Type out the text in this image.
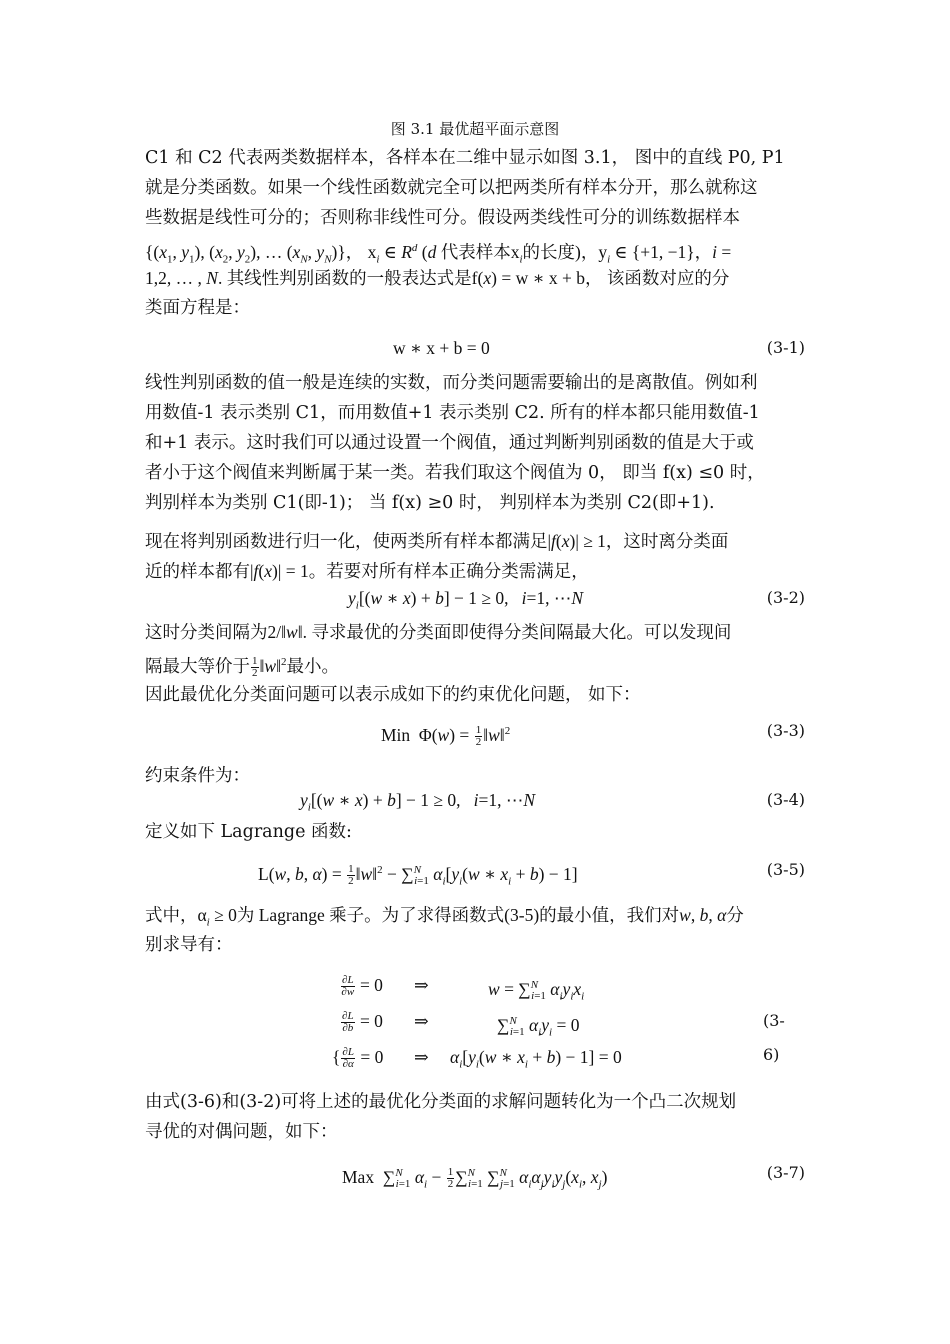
图 3.1 最优超平面示意图
C1 和 C2 代表两类数据样本，各样本在二维中显示如图 3.1， 图中的直线 P0, P1
就是分类函数。如果一个线性函数就完全可以把两类所有样本分开，那么就称这
些数据是线性可分的；否则称非线性可分。假设两类线性可分的训练数据样本
{($x_1$, $y_1$), ($x_2$, $y_2$), … ($x_N$, $y_N$)}， $x_i$ ∈ $R^d$ (d 代表样本$x_i$的长度)，$y_i$ ∈ {+1, −1}，i =
1,2, … , N. 其线性判别函数的一般表达式是f(x) = w ∗ x + b， 该函数对应的分
类面方程是：
w ∗ x + b = 0	(3-1)
线性判别函数的值一般是连续的实数，而分类问题需要输出的是离散值。例如利
用数值-1 表示类别 C1，而用数值+1 表示类别 C2. 所有的样本都只能用数值-1
和+1 表示。这时我们可以通过设置一个阀值，通过判断判别函数的值是大于或
者小于这个阀值来判断属于某一类。若我们取这个阀值为 0， 即当 f(x) ≤0 时，
判别样本为类别 C1(即-1)； 当 f(x) ≥0 时， 判别样本为类别 C2(即+1).
现在将判别函数进行归一化，使两类所有样本都满足|f(x)| ≥ 1，这时离分类面
近的样本都有|f(x)| = 1。若要对所有样本正确分类需满足，
$y_i[(w$ ∗ x) + b] − 1 ≥ 0,   i=1, ⋯N	(3-2)
这时分类间隔为2/‖w‖. 寻求最优的分类面即使得分类间隔最大化。可以发现间
隔最大等价于 $\frac{1}{2}$ ‖w‖$^2$最小。
因此最优化分类面问题可以表示成如下的约束优化问题， 如下：
Min  $\Phi(w) = \frac{1}{2}$ ‖w‖$^2$	(3-3)
约束条件为：
$y_i[(w$ ∗ x) + b] − 1 ≥ 0,   i=1, ⋯N	(3-4)
定义如下 Lagrange 函数:
L(w, b, $\alpha) = \frac{1}{2}$ ‖w‖$^2$ − ∑$^N_{i=1}$ $\alpha_i[y_i(w$ ∗ $x_i + b) - 1$]	(3-5)
式中，$\alpha_i \ge 0$为 Lagrange 乘子。为了求得函数式(3-5)的最小值，我们对w, b, α分
别求导有：
$\frac{\partial L}{\partial w} = 0$ ⇒	w = ∑$^N_{i=1}$ $\alpha_iy_ix_i$
$\frac{\partial L}{\partial b} = 0$ ⇒	∑$^N_{i=1}$ $\alpha_iy_i = 0$
{ $\frac{\partial L}{\partial\alpha} = 0$ ⇒ $\alpha_i[y_i(w$ ∗ $x_i + b) - 1] = 0$
(3-6)
由式(3-6)和(3-2)可将上述的最优化分类面的求解问题转化为一个凸二次规划
寻优的对偶问题，如下：
Max  ∑$^N_{i=1}$ $\alpha_i - \frac{1}{2} \sum^N_{i=1}$ ∑$^N_{j=1}$ $\alpha_i\alpha_jy_iy_j(x_i$, $x_j$)	(3-7)
